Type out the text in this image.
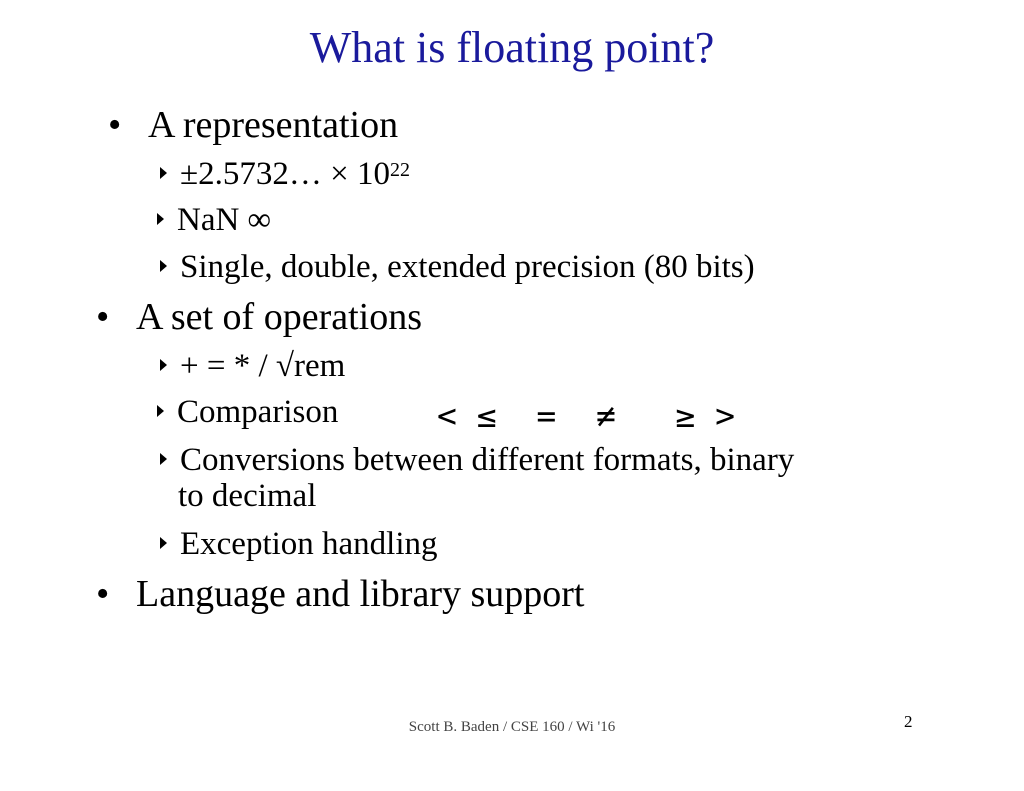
What is floating point?
• A representation
±2.5732… × $10^{22}$
NaN ∞
Single, double, extended precision (80 bits)
• A set of operations
+ = * / √rem
Comparison	< ≤  =  ≠   ≥ >
Conversions between different formats, binary
to decimal
Exception handling
• Language and library support
Scott B. Baden / CSE 160 / Wi '16	2
